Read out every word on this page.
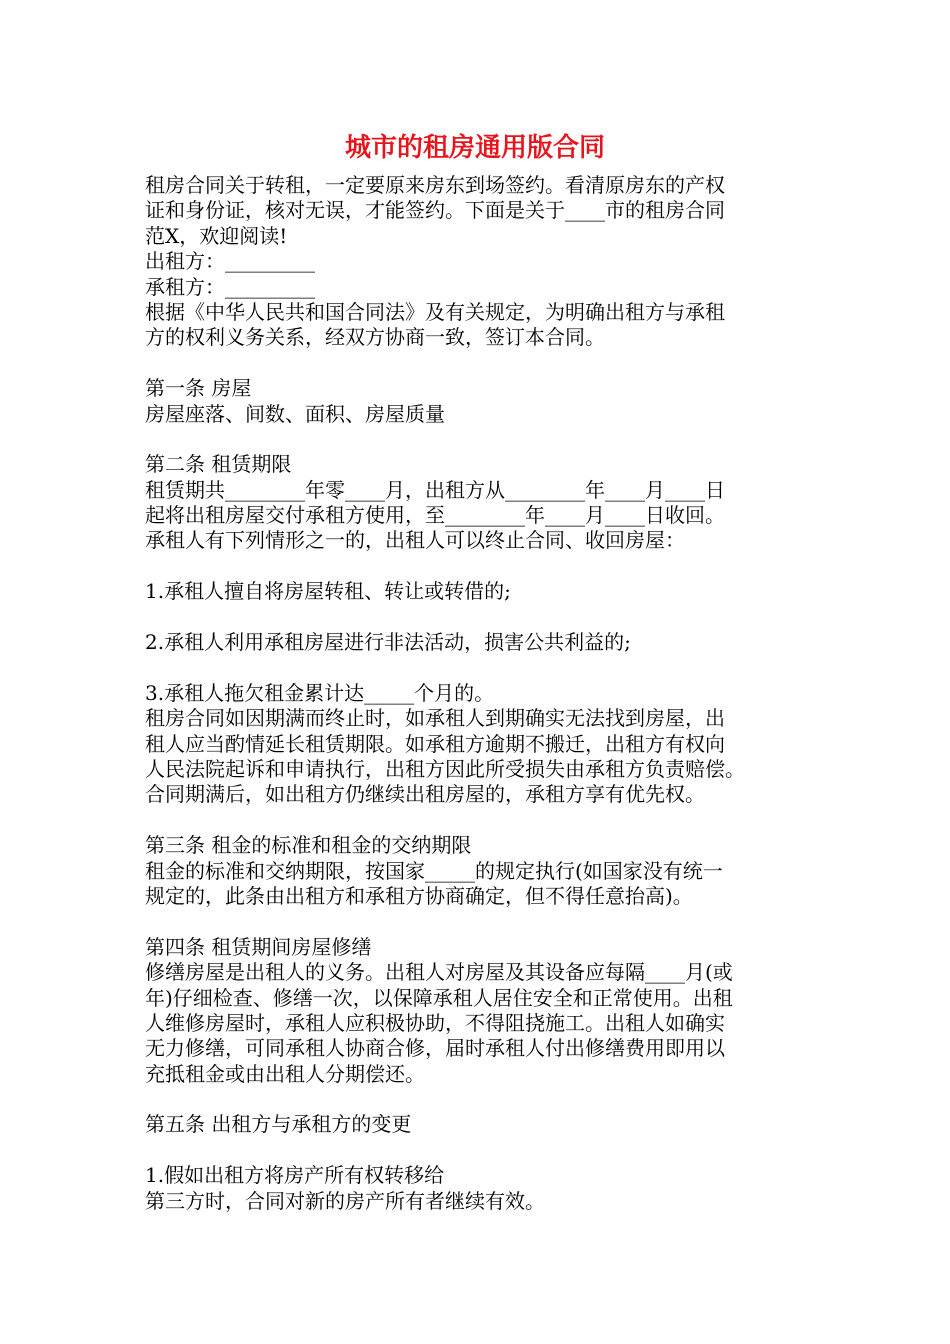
城市的租房通用版合同
租房合同关于转租，一定要原来房东到场签约。看清原房东的产权
证和身份证，核对无误，才能签约。下面是关于____市的租房合同
范X，欢迎阅读!
出租方：_________
承租方：_________
根据《中华人民共和国合同法》及有关规定，为明确出租方与承租
方的权利义务关系，经双方协商一致，签订本合同。
第一条 房屋
房屋座落、间数、面积、房屋质量
第二条 租赁期限
租赁期共________年零____月，出租方从________年____月____日
起将出租房屋交付承租方使用，至________年____月____日收回。
承租人有下列情形之一的，出租人可以终止合同、收回房屋：
1.承租人擅自将房屋转租、转让或转借的;
2.承租人利用承租房屋进行非法活动，损害公共利益的;
3.承租人拖欠租金累计达_____个月的。
租房合同如因期满而终止时，如承租人到期确实无法找到房屋，出
租人应当酌情延长租赁期限。如承租方逾期不搬迁，出租方有权向
人民法院起诉和申请执行，出租方因此所受损失由承租方负责赔偿。
合同期满后，如出租方仍继续出租房屋的，承租方享有优先权。
第三条 租金的标准和租金的交纳期限
租金的标准和交纳期限，按国家_____的规定执行(如国家没有统一
规定的，此条由出租方和承租方协商确定，但不得任意抬高)。
第四条 租赁期间房屋修缮
修缮房屋是出租人的义务。出租人对房屋及其设备应每隔____月(或
年)仔细检查、修缮一次，以保障承租人居住安全和正常使用。出租
人维修房屋时，承租人应积极协助，不得阻挠施工。出租人如确实
无力修缮，可同承租人协商合修，届时承租人付出修缮费用即用以
充抵租金或由出租人分期偿还。
第五条 出租方与承租方的变更
1.假如出租方将房产所有权转移给
第三方时，合同对新的房产所有者继续有效。
